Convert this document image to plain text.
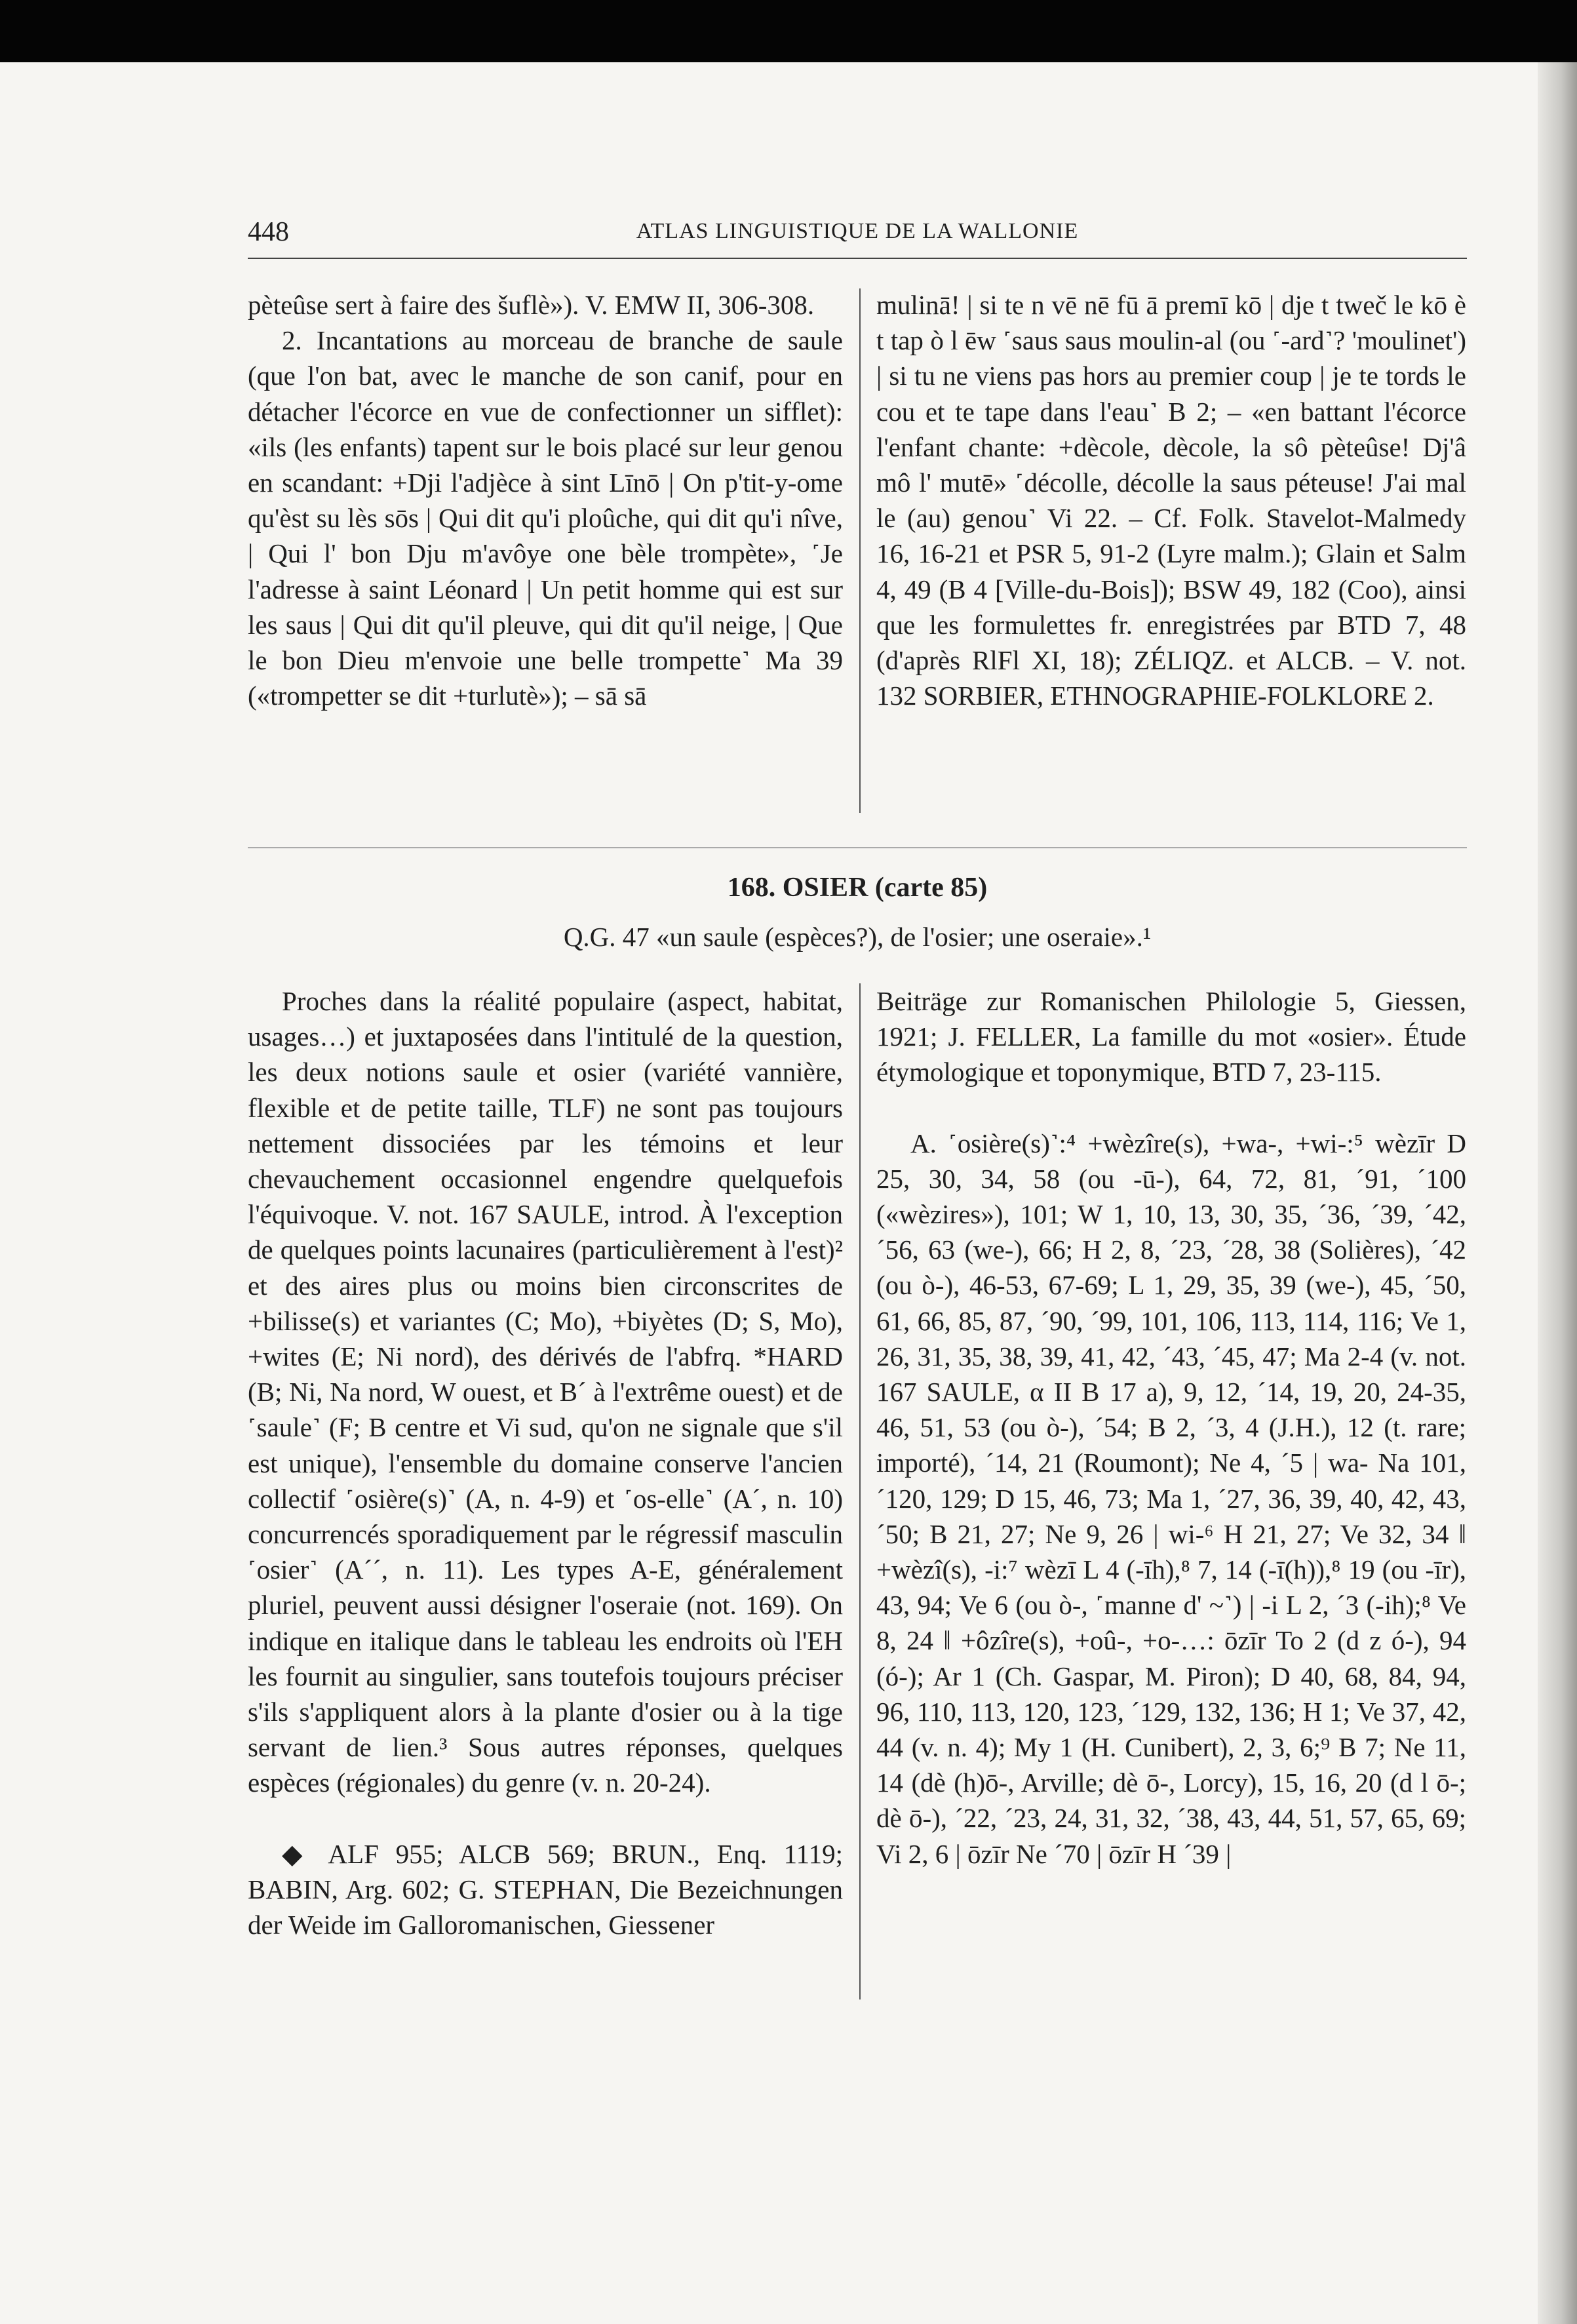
448	ATLAS LINGUISTIQUE DE LA WALLONIE

pèteûse sert à faire des šuflè»). V. EMW II, 306-308.

2. Incantations au morceau de branche de saule (que l'on bat, avec le manche de son canif, pour en détacher l'écorce en vue de confectionner un sifflet): «ils (les enfants) tapent sur le bois placé sur leur genou en scandant: +Dji l'adjèce à sint Līnō | On p'tit-y-ome qu'èst su lès sōs | Qui dit qu'i ploûche, qui dit qu'i nîve, | Qui l' bon Dju m'avôye one bèle trompète», ˹Je l'adresse à saint Léonard | Un petit homme qui est sur les saus | Qui dit qu'il pleuve, qui dit qu'il neige, | Que le bon Dieu m'envoie une belle trompette˺ Ma 39 («trompetter se dit +turlutè»); – sā sā

mulinā! | si te n vē nē fū ā premī kō | dje t tweč le kō è t tap ò l ēw ˹saus saus moulin-al (ou ˹-ard˺? 'moulinet') | si tu ne viens pas hors au premier coup | je te tords le cou et te tape dans l'eau˺ B 2; – «en battant l'écorce l'enfant chante: +dècole, dècole, la sô pèteûse! Dj'â mô l' mutē» ˹décolle, décolle la saus péteuse! J'ai mal le (au) genou˺ Vi 22. – Cf. Folk. Stavelot-Malmedy 16, 16-21 et PSR 5, 91-2 (Lyre malm.); Glain et Salm 4, 49 (B 4 [Ville-du-Bois]); BSW 49, 182 (Coo), ainsi que les formulettes fr. enregistrées par BTD 7, 48 (d'après RlFl XI, 18); ZÉLIQZ. et ALCB. – V. not. 132 SORBIER, ETHNOGRAPHIE-FOLKLORE 2.

168. OSIER (carte 85)
Q.G. 47 «un saule (espèces?), de l'osier; une oseraie».¹

Proches dans la réalité populaire (aspect, habitat, usages…) et juxtaposées dans l'intitulé de la question, les deux notions saule et osier (variété vannière, flexible et de petite taille, TLF) ne sont pas toujours nettement dissociées par les témoins et leur chevauchement occasionnel engendre quelquefois l'équivoque. V. not. 167 SAULE, introd. À l'exception de quelques points lacunaires (particulièrement à l'est)² et des aires plus ou moins bien circonscrites de +bilisse(s) et variantes (C; Mo), +biyètes (D; S, Mo), +wites (E; Ni nord), des dérivés de l'abfrq. *HARD (B; Ni, Na nord, W ouest, et B´ à l'extrême ouest) et de ˹saule˺ (F; B centre et Vi sud, qu'on ne signale que s'il est unique), l'ensemble du domaine conserve l'ancien collectif ˹osière(s)˺ (A, n. 4-9) et ˹os-elle˺ (A´, n. 10) concurrencés sporadiquement par le régressif masculin ˹osier˺ (A´´, n. 11). Les types A-E, généralement pluriel, peuvent aussi désigner l'oseraie (not. 169). On indique en italique dans le tableau les endroits où l'EH les fournit au singulier, sans toutefois toujours préciser s'ils s'appliquent alors à la plante d'osier ou à la tige servant de lien.³ Sous autres réponses, quelques espèces (régionales) du genre (v. n. 20-24).

◆ ALF 955; ALCB 569; BRUN., Enq. 1119; BABIN, Arg. 602; G. STEPHAN, Die Bezeichnungen der Weide im Galloromanischen, Giessener

Beiträge zur Romanischen Philologie 5, Giessen, 1921; J. FELLER, La famille du mot «osier». Étude étymologique et toponymique, BTD 7, 23-115.

A. ˹osière(s)˺:⁴ +wèzîre(s), +wa-, +wi-:⁵ wèzīr D 25, 30, 34, 58 (ou -ū-), 64, 72, 81, ´91, ´100 («wèzires»), 101; W 1, 10, 13, 30, 35, ´36, ´39, ´42, ´56, 63 (we-), 66; H 2, 8, ´23, ´28, 38 (Solières), ´42 (ou ò-), 46-53, 67-69; L 1, 29, 35, 39 (we-), 45, ´50, 61, 66, 85, 87, ´90, ´99, 101, 106, 113, 114, 116; Ve 1, 26, 31, 35, 38, 39, 41, 42, ´43, ´45, 47; Ma 2-4 (v. not. 167 SAULE, α II B 17 a), 9, 12, ´14, 19, 20, 24-35, 46, 51, 53 (ou ò-), ´54; B 2, ´3, 4 (J.H.), 12 (t. rare; importé), ´14, 21 (Roumont); Ne 4, ´5 | wa- Na 101, ´120, 129; D 15, 46, 73; Ma 1, ´27, 36, 39, 40, 42, 43, ´50; B 21, 27; Ne 9, 26 | wi-⁶ H 21, 27; Ve 32, 34 ‖ +wèzî(s), -i:⁷ wèzī L 4 (-īh),⁸ 7, 14 (-ī(h)),⁸ 19 (ou -īr), 43, 94; Ve 6 (ou ò-, ˹manne d' ~˺) | -i L 2, ´3 (-ih);⁸ Ve 8, 24 ‖ +ôzîre(s), +oû-, +o-…: ōzīr To 2 (d z ó-), 94 (ó-); Ar 1 (Ch. Gaspar, M. Piron); D 40, 68, 84, 94, 96, 110, 113, 120, 123, ´129, 132, 136; H 1; Ve 37, 42, 44 (v. n. 4); My 1 (H. Cunibert), 2, 3, 6;⁹ B 7; Ne 11, 14 (dè (h)ō-, Arville; dè ō-, Lorcy), 15, 16, 20 (d l ō-; dè ō-), ´22, ´23, 24, 31, 32, ´38, 43, 44, 51, 57, 65, 69; Vi 2, 6 | ōzīr Ne ´70 | ōzīr H ´39 |
